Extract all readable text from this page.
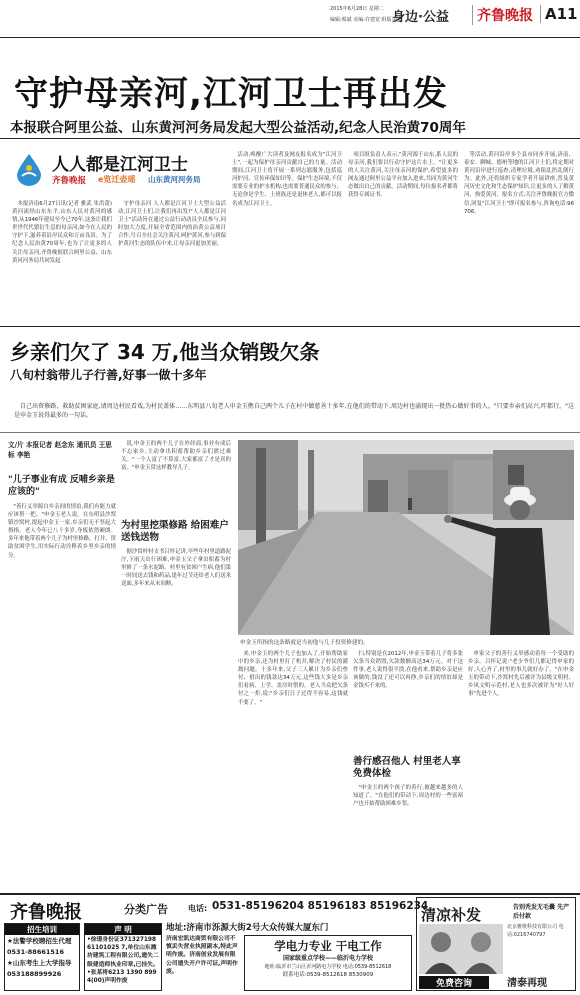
2015年6月28日 星期二
编辑:蔡斌 美编:许建宽 组版:赵红
身边·公益	齐鲁晚报 A11
守护母亲河,江河卫士再出发
本报联合阿里公益、山东黄河河务局发起大型公益活动,纪念人民治黄70周年
人人都是江河卫士
齐鲁晚报 e览迁壶瑶 山东黄河河务局

本报济南6月27日讯(记者 雅武 朱洪蕾) 黄河流经山东东平,山东人民对黄河的感情,从1946年建局至今已70年,这条让我们世世代代繁衍生息的母亲河,如今在人民的守护下,滋养着沿岸民众和万亩良田。为了纪念人民治黄70周年,也为了让更多的人关注母亲河,齐鲁晚报联合阿里公益、山东黄河河务局共同发起

守护母亲河 人人都是江河卫士大型公益活动,江河卫士们,让我们再出发!"人人都是江河卫士"活动旨在通过公益行动动员全民参与,同时加大力度,开展全省范围内的治黄公益项目合作,号召全社会关注黄河,呵护黄河,参与到保护黄河生态的队伍中来,让母亲河更加美丽。

活动,唤醒广大读者及网友报名成为"江河卫士",一起为保护母亲河贡献自己的力量。活动期间,江河卫士将开展一系列志愿服务,包括巡河护河、宣传环保知识等。保护生态环境,不仅需要专业的护水机构,也需要普通民众的参与。无论你是学生、上班族还是退休老人,都可以报名成为江河卫士。

项目组负责人表示,"黄河源于山东,系人民的母亲河,我们要以行动守护这片水土。"让更多的人关注黄河,关注母亲河的保护,希望更多的网友通过阿里公益平台加入进来,共同为黄河生态做出自己的贡献。活动期间,每位报名者都将获得专属证书。

等活动,黄河沿岸多个县市同步开展,济南、泰安、聊城、德州等地的江河卫士们,将定期对黄河沿岸进行巡查,清理垃圾,劝阻乱扔乱倒行为。此外,还将组织专家学者开展讲座,普及黄河历史文化和生态保护知识,让更多的人了解黄河、热爱黄河。报名方式:关注齐鲁晚报官方微信,回复"江河卫士"即可报名参与,咨询电话:96706。

乡亲们欠了 34 万,他当众销毁欠条
八旬村翁带儿子行善,好事一做十多年

自己出资修路、救助贫困家庭,请周边村民看戏,为村民盖体……东明县八旬老人申金玉携自己两个儿子在村中做慈善十多年,在他们的带动下,周边村也涌现出一批热心做好事的人。"只要乡亲们高兴,咋都行。"这是申金玉说得最多的一句话。

文/片 本报记者 赵念东 通讯员 王思标 李艳
"儿子事业有成 反哺乡亲是应该的"

"善行义举源自乡亲间的情谊,我们有能力就应该帮一把。"申金玉老人说。在东明县沙窝镇沙窝村,提起申金玉一家,乡亲们无不竖起大拇指。老人今年已八十多岁,身板依然硬朗。多年来他带着两个儿子为村里修路、打井、资助贫困学生,用实际行动诠释着乡里乡亲的情分。

说,申金玉的两个儿子在外经商,事业有成后不忘家乡,主动拿出积蓄帮助乡亲们渡过难关。"一个人富了不算富,大家都富了才是真的富。"申金玉常这样教导儿子。

为村里挖渠修路 给困难户送钱送物

据沙窝村村支书吕怀记讲,早些年村里道路泥泞,下雨天出行困难,申金玉父子拿出积蓄为村里修了一条水泥路。村里有贫困户生病,他们第一时间送去钱和药品,逢年过节还给老人们送米送面,多年来从未间断。

申金玉所指的这条路就是当初他与儿子投资修建的。

来,申金玉的两个儿子也加入了,开始帮助家中的乡亲,还为村里打了机井,解决了村民的灌溉问题。十多年来,父子三人累计为乡亲们垫付、借出的钱款达34万元,这些钱大多是乡亲们看病、上学、盖房时借的。老人当众把欠条付之一炬,说:"乡亲们日子过得不容易,这钱就不要了。"

扫,特别是在2012年,申金玉带着儿子将多张欠条当众销毁,欠款数额高达34万元。对于这件事,老人说得很平淡,在他看来,帮助乡亲是应该做的,钱没了还可以再挣,乡亲们的情谊却是金钱买不来的。

善行感召他人 村里老人享免费体检

"申金玉的两个孩子的善行,被越来越多的人知道了。"在他们的带动下,周边村的一些富裕户也开始帮助困难乡邻。

申家父子的善行义举感动着每一个受助的乡亲。吕怀记说:"老少爷们儿都记得申家的好,人心齐了,村里的事儿就好办了。"在申金玉的带动下,沙窝村先后被评为县级文明村、乡风文明示范村,老人也多次被评为"好人好事"先进个人。

齐鲁晚报	分类广告	电话: 0531-85196204 85196183 85196234
地址:济南市泺源大街2号大众传媒大厦东门
招生培训
★法警学校聘招生代理
0531-88661516
★山东考生上大学指导
053188899926
声 明
•徐璟身份证37132719861101025 7,单位山东潍坊建筑工程有限公司,遗失二级建造师执业印章,已挂失。•张某将6213 1390 8994(00)声明作废
济南宏凯达商贸有限公司不慎丢失营业执照副本,特此声明作废。济南创业发展有限公司遗失开户许可证,声明作废。
学电力专业 干电工作
国家级重点学校——临沂电力学校
地址:临沂市兰山区沂河路电力学校 电话:0539-8512618
联系电话:0539-8512618 8530909
清凉补发	告别秃发无毛囊 先产后付款
北京雅维科技有限公司 电话:0216740797
免费咨询	清泰再现
